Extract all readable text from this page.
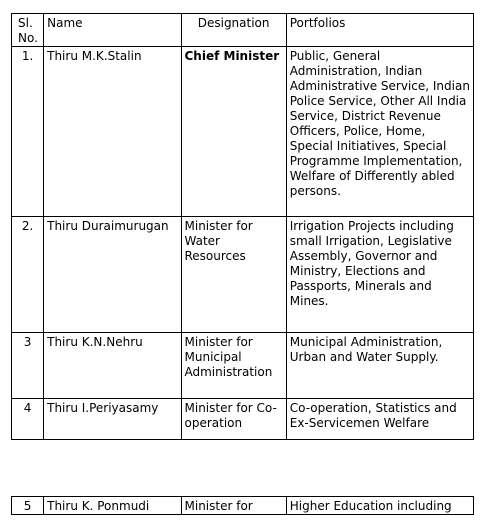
Sl.
No.	Name	Designation	Portfolios
1.	Thiru M.K.Stalin	Chief Minister	Public, General Administration, Indian Administrative Service, Indian Police Service, Other All India Service, District Revenue Officers, Police, Home, Special Initiatives, Special Programme Implementation, Welfare of Differently abled persons.
2.	Thiru Duraimurugan	Minister for Water Resources	Irrigation Projects including small Irrigation, Legislative Assembly, Governor and Ministry, Elections and Passports, Minerals and Mines.
3	Thiru K.N.Nehru	Minister for Municipal Administration	Municipal Administration, Urban and Water Supply.
4	Thiru I.Periyasamy	Minister for Co-operation	Co-operation, Statistics and Ex-Servicemen Welfare
5	Thiru K. Ponmudi	Minister for	Higher Education including
